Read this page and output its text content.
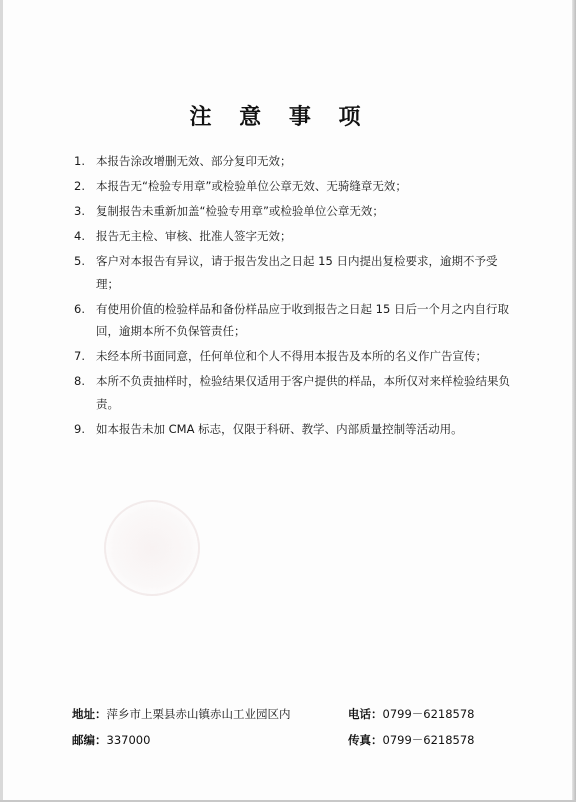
注 意 事 项
1. 本报告涂改增删无效、部分复印无效；
2. 本报告无“检验专用章”或检验单位公章无效、无骑缝章无效；
3. 复制报告未重新加盖“检验专用章”或检验单位公章无效；
4. 报告无主检、审核、批准人签字无效；
5. 客户对本报告有异议，请于报告发出之日起 15 日内提出复检要求，逾期不予受理；
6. 有使用价值的检验样品和备份样品应于收到报告之日起 15 日后一个月之内自行取回，逾期本所不负保管责任；
7. 未经本所书面同意，任何单位和个人不得用本报告及本所的名义作广告宣传；
8. 本所不负责抽样时，检验结果仅适用于客户提供的样品，本所仅对来样检验结果负责。
9. 如本报告未加 CMA 标志，仅限于科研、教学、内部质量控制等活动用。
地址：萍乡市上栗县赤山镇赤山工业园区内	电话：0799－6218578
邮编：337000	传真：0799－6218578
